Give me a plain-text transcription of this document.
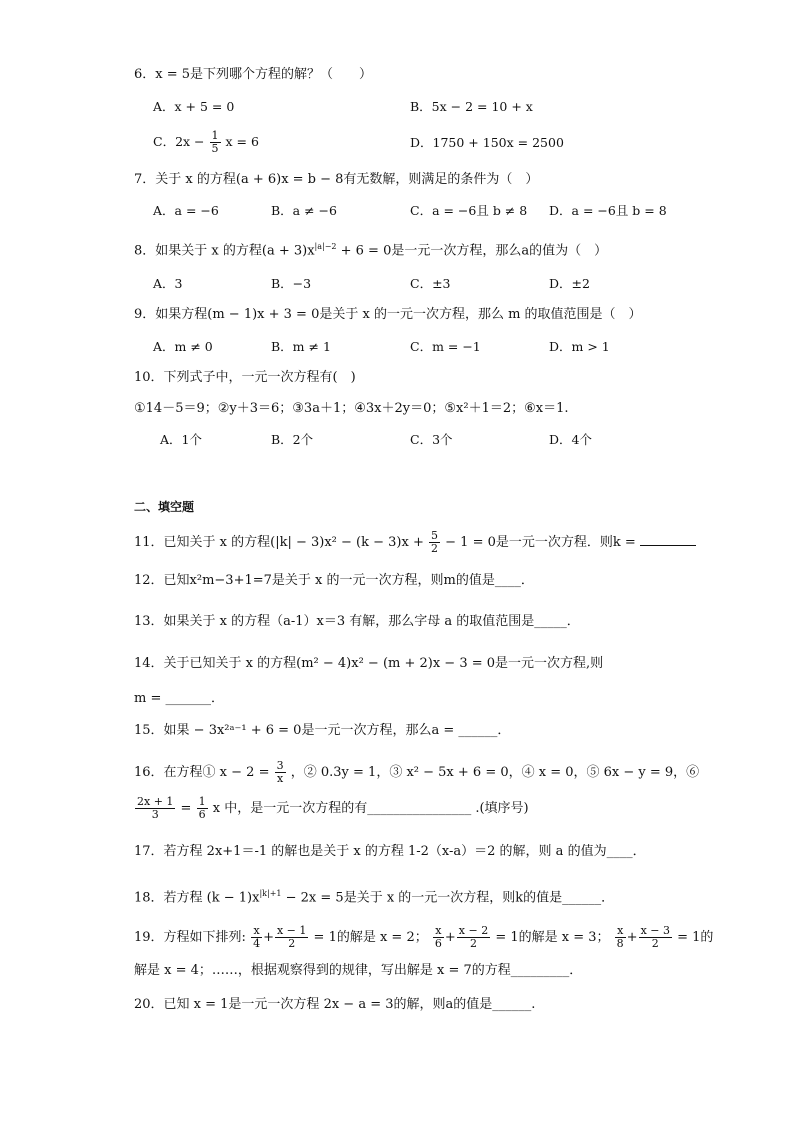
6．x = 5是下列哪个方程的解？（　　）
A．x + 5 = 0	B．5x − 2 = 10 + x
C．$2x - \frac{1}{5}$ x = 6	D．1750 + 150x = 2500
7．关于 x 的方程(a + 6)x = b − 8有无数解，则满足的条件为（　）
A．a = −6	B．a ≠ −6	C．a = −6且 b ≠ 8 D．a = −6且 b = 8
8．如果关于 x 的方程$(a + 3)x^{|a|-2} + 6 = 0$是一元一次方程，那么a的值为（　）
A．3	B．−3	C．±3	D．±2
9．如果方程(m − 1)x + 3 = 0是关于 x 的一元一次方程，那么 m 的取值范围是（　）
A．m ≠ 0	B．m ≠ 1	C．m = −1	D．m > 1
10．下列式子中，一元一次方程有(　)
①14－5＝9；②y＋3＝6；③3a＋1；④3x＋2y＝0；⑤x²＋1＝2；⑥x＝1.
A．1个	B．2个	C．3个	D．4个
二、填空题
11．已知关于 x 的方程$(|k| - 3)x^2 - (k - 3)x + \frac{5}{2} - 1 = 0$是一元一次方程．则k =
12．已知x²m−3+1=7是关于 x 的一元一次方程，则m的值是____．
13．如果关于 x 的方程（a-1）x＝3 有解，那么字母 a 的取值范围是_____．
14．关于已知关于 x 的方程(m² − 4)x² − (m + 2)x − 3 = 0是一元一次方程,则
m = _______．
15．如果 − 3x²ᵃ⁻¹ + 6 = 0是一元一次方程，那么a = ______．
16．在方程① $x - 2 = \frac{3}{x}$ ，② 0.3y = 1，③ x² − 5x + 6 = 0，④ x = 0，⑤ 6x − y = 9，⑥
$\frac{2x + 1}{3} = \frac{1}{6}$ x 中，是一元一次方程的有________________ .(填序号)
17．若方程 2x+1＝-1 的解也是关于 x 的方程 1-2（x-a）＝2 的解，则 a 的值为____．
18．若方程 $(k - 1)x^{|k|+1} - 2x = 5$是关于 x 的一元一次方程，则k的值是______．
19．方程如下排列: $\frac{x}{4} + \frac{x - 1}{2} = 1$的解是 x = 2； $\frac{x}{6} + \frac{x - 2}{2} = 1$的解是 x = 3； $\frac{x}{8} + \frac{x - 3}{2} = 1$的
解是 x = 4；……，根据观察得到的规律，写出解是 x = 7的方程_________．
20．已知 x = 1是一元一次方程 2x − a = 3的解，则a的值是______.
